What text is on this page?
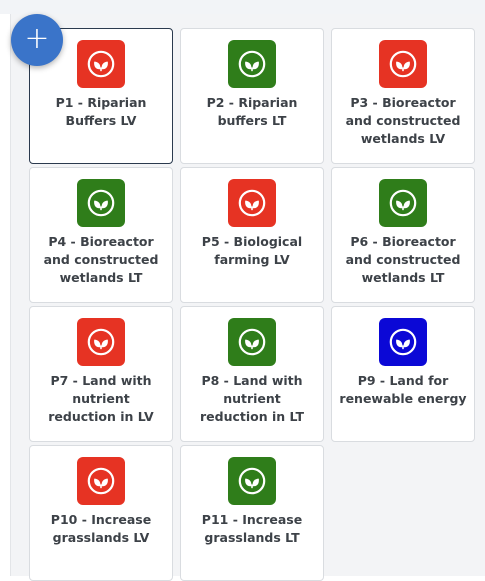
P1 - Riparian Buffers LV
P2 - Riparian buffers LT
P3 - Bioreactor and constructed wetlands LV
P4 - Bioreactor and constructed wetlands LT
P5 - Biological farming LV
P6 - Bioreactor and constructed wetlands LT
P7 - Land with nutrient reduction in LV
P8 - Land with nutrient reduction in LT
P9 - Land for renewable energy
P10 - Increase grasslands LV
P11 - Increase grasslands LT
+
